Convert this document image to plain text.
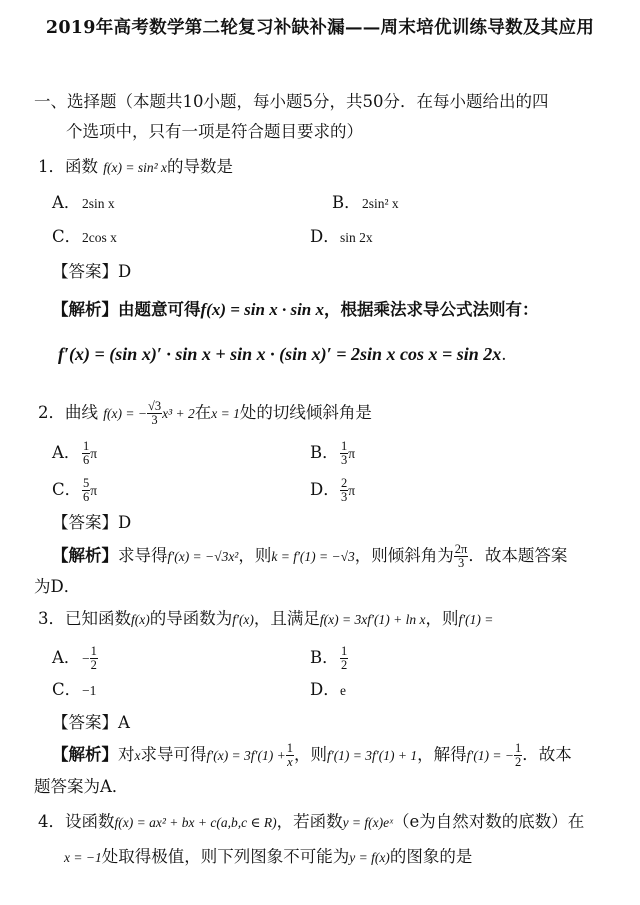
2019年高考数学第二轮复习补缺补漏——周末培优训练导数及其应用
一、选择题（本题共10小题，每小题5分，共50分．在每小题给出的四
个选项中，只有一项是符合题目要求的）
1．函数 f(x) = sin² x的导数是
A． 2sin x	B．2sin² x
C．2cos x	D．sin 2x
【答案】D
【解析】由题意可得f(x) = sin x · sin x，根据乘法求导公式法则有：
f′(x) = (sin x)′ · sin x + sin x · (sin x)′ = 2sin x cos x = sin 2x.
2．曲线 f(x) = − $\frac{√3}{3} x^3 + 2$在x = 1处的切线倾斜角是
A． $\frac{1}{6}$ π	B． $\frac{1}{3}$ π
C． $\frac{5}{6}$ π	D． $\frac{2}{3}$ π
【答案】D
【解析】求导得f′(x) = −√3x²，则k = f′(1) = −√3，则倾斜角为 $\frac{2\pi}{3}$ ．故本题答案
为D．
3．已知函数f(x)的导函数为f′(x)，且满足f(x) = 3xf′(1) + ln x，则f′(1) =
A． − $\frac{1}{2}$	B． $\frac{1}{2}$
C．−1	D．e
【答案】A
【解析】对x求导可得$f'(x) = 3f'(1) + \frac{1}{x}$ ，则f′(1) = 3f′(1) + 1，解得f′(1) = − $\frac{1}{2}$ ．故本
题答案为A．
4．设函数f(x) = ax² + bx + c(a,b,c ∈ R)，若函数y = f(x)eˣ（e为自然对数的底数）在
x = −1处取得极值，则下列图象不可能为y = f(x)的图象的是
